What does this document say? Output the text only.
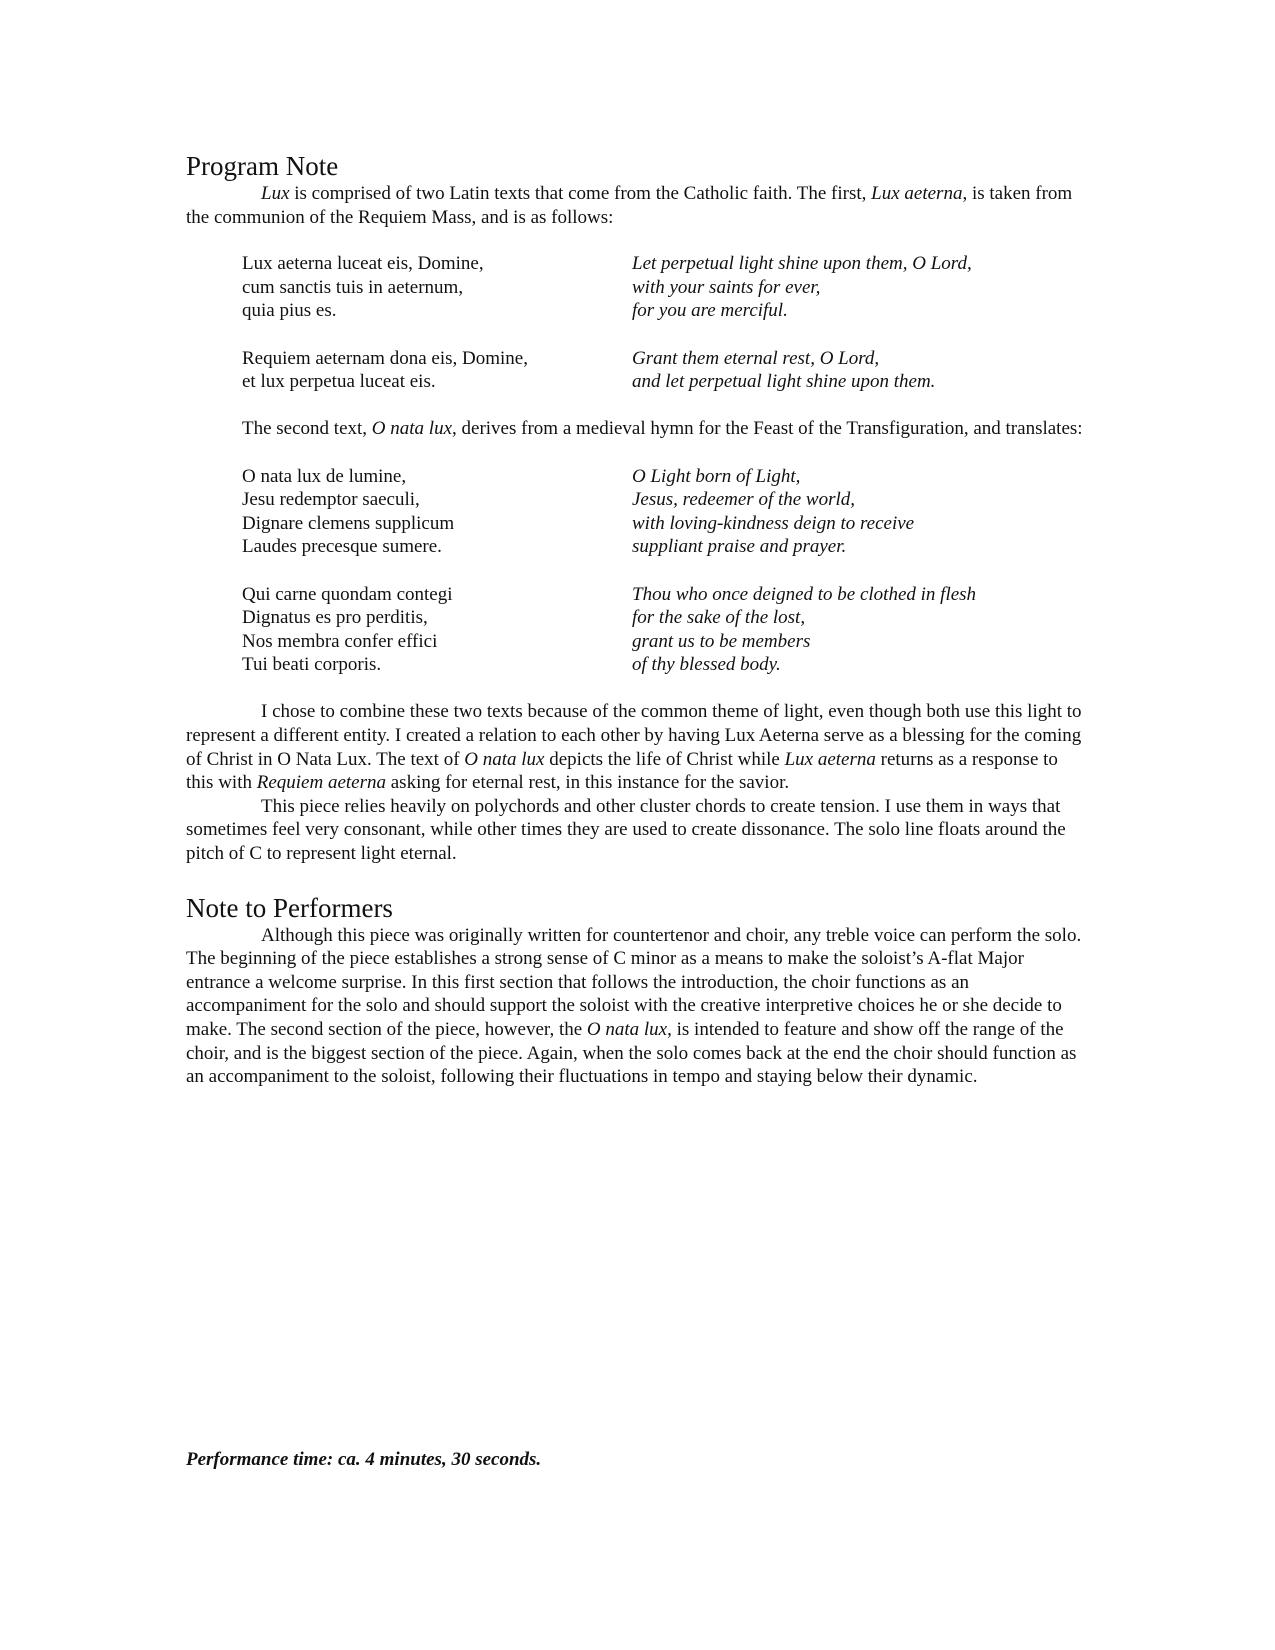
Program Note

Lux is comprised of two Latin texts that come from the Catholic faith. The first, Lux aeterna, is taken from the communion of the Requiem Mass, and is as follows:

Lux aeterna luceat eis, Domine,
cum sanctis tuis in aeternum,
quia pius es.
Let perpetual light shine upon them, O Lord,
with your saints for ever,
for you are merciful.
Requiem aeternam dona eis, Domine,
et lux perpetua luceat eis.
Grant them eternal rest, O Lord,
and let perpetual light shine upon them.

The second text, O nata lux, derives from a medieval hymn for the Feast of the Transfiguration, and translates:

O nata lux de lumine,
Jesu redemptor saeculi,
Dignare clemens supplicum
Laudes precesque sumere.
O Light born of Light,
Jesus, redeemer of the world,
with loving-kindness deign to receive
suppliant praise and prayer.
Qui carne quondam contegi
Dignatus es pro perditis,
Nos membra confer effici
Tui beati corporis.
Thou who once deigned to be clothed in flesh
for the sake of the lost,
grant us to be members
of thy blessed body.

I chose to combine these two texts because of the common theme of light, even though both use this light to represent a different entity. I created a relation to each other by having Lux Aeterna serve as a blessing for the coming of Christ in O Nata Lux. The text of O nata lux depicts the life of Christ while Lux aeterna returns as a response to this with Requiem aeterna asking for eternal rest, in this instance for the savior.

This piece relies heavily on polychords and other cluster chords to create tension. I use them in ways that sometimes feel very consonant, while other times they are used to create dissonance. The solo line floats around the pitch of C to represent light eternal.

Note to Performers

Although this piece was originally written for countertenor and choir, any treble voice can perform the solo. The beginning of the piece establishes a strong sense of C minor as a means to make the soloist’s A-flat Major entrance a welcome surprise. In this first section that follows the introduction, the choir functions as an accompaniment for the solo and should support the soloist with the creative interpretive choices he or she decide to make. The second section of the piece, however, the O nata lux, is intended to feature and show off the range of the choir, and is the biggest section of the piece. Again, when the solo comes back at the end the choir should function as an accompaniment to the soloist, following their fluctuations in tempo and staying below their dynamic.

Performance time: ca. 4 minutes, 30 seconds.
